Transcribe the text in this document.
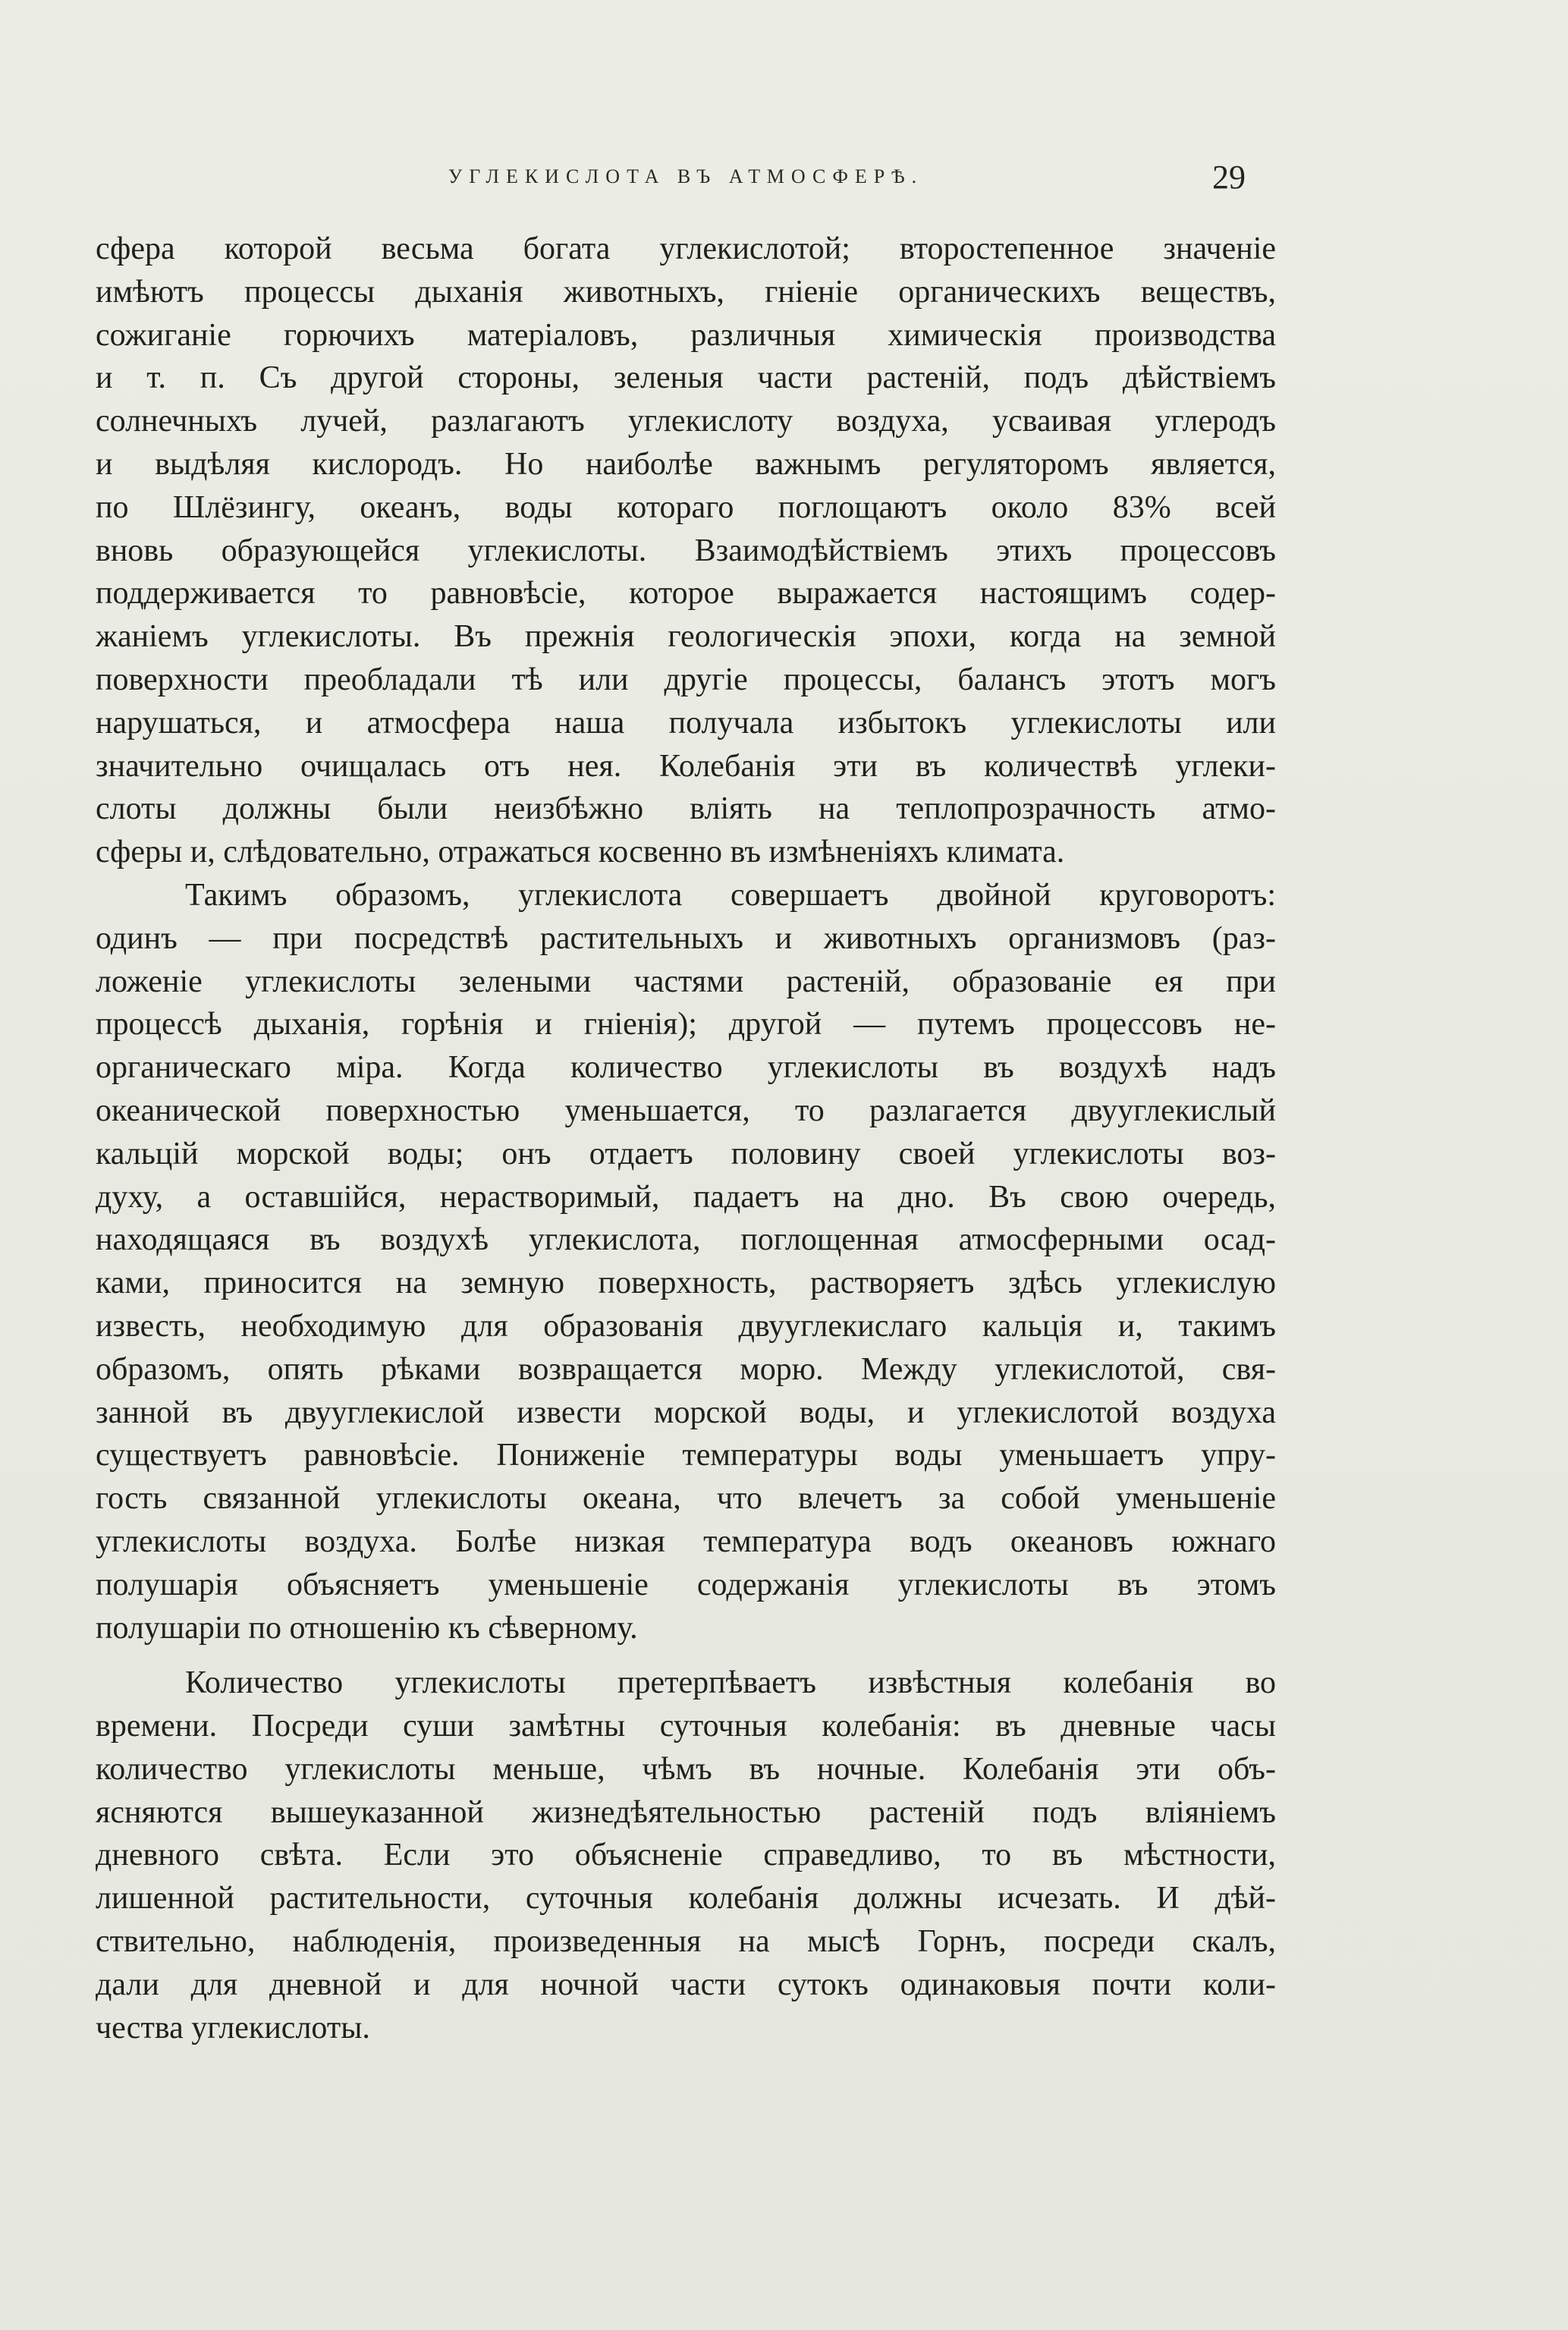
УГЛЕКИСЛОТА ВЪ АТМОСФЕРѢ.	29
сфера которой весьма богата углекислотой; второстепенное значенiе
имѣютъ процессы дыханiя животныхъ, гнiенiе органическихъ веществъ,
сожиганiе горючихъ матерiаловъ, различныя химическiя производства
и т. п. Съ другой стороны, зеленыя части растенiй, подъ дѣйствiемъ
солнечныхъ лучей, разлагаютъ углекислоту воздуха, усваивая углеродъ
и выдѣляя кислородъ. Но наиболѣе важнымъ регуляторомъ является,
по Шлёзингу, океанъ, воды котораго поглощаютъ около 83% всей
вновь образующейся углекислоты. Взаимодѣйствiемъ этихъ процессовъ
поддерживается то равновѣсiе, которое выражается настоящимъ содер-
жанiемъ углекислоты. Въ прежнiя геологическiя эпохи, когда на земной
поверхности преобладали тѣ или другiе процессы, балансъ этотъ могъ
нарушаться, и атмосфера наша получала избытокъ углекислоты или
значительно очищалась отъ нея. Колебанiя эти въ количествѣ углеки-
слоты должны были неизбѣжно влiять на теплопрозрачность атмо-
сферы и, слѣдовательно, отражаться косвенно въ измѣненiяхъ климата.
Такимъ образомъ, углекислота совершаетъ двойной круговоротъ:
одинъ — при посредствѣ растительныхъ и животныхъ организмовъ (раз-
ложенiе углекислоты зелеными частями растенiй, образованiе ея при
процессѣ дыханiя, горѣнiя и гнiенiя); другой — путемъ процессовъ не-
органическаго мiра. Когда количество углекислоты въ воздухѣ надъ
океанической поверхностью уменьшается, то разлагается двууглекислый
кальцiй морской воды; онъ отдаетъ половину своей углекислоты воз-
духу, а оставшiйся, нерастворимый, падаетъ на дно. Въ свою очередь,
находящаяся въ воздухѣ углекислота, поглощенная атмосферными осад-
ками, приносится на земную поверхность, растворяетъ здѣсь углекислую
известь, необходимую для образованiя двууглекислаго кальцiя и, такимъ
образомъ, опять рѣками возвращается морю. Между углекислотой, свя-
занной въ двууглекислой извести морской воды, и углекислотой воздуха
существуетъ равновѣсiе. Пониженiе температуры воды уменьшаетъ упру-
гость связанной углекислоты океана, что влечетъ за собой уменьшенiе
углекислоты воздуха. Болѣе низкая температура водъ океановъ южнаго
полушарiя объясняетъ уменьшенiе содержанiя углекислоты въ этомъ
полушарiи по отношенiю къ сѣверному.
Количество углекислоты претерпѣваетъ извѣстныя колебанiя во
времени. Посреди суши замѣтны суточныя колебанiя: въ дневные часы
количество углекислоты меньше, чѣмъ въ ночные. Колебанiя эти объ-
ясняются вышеуказанной жизнедѣятельностью растенiй подъ влiянiемъ
дневного свѣта. Если это объясненiе справедливо, то въ мѣстности,
лишенной растительности, суточныя колебанiя должны исчезать. И дѣй-
ствительно, наблюденiя, произведенныя на мысѣ Горнъ, посреди скалъ,
дали для дневной и для ночной части сутокъ одинаковыя почти коли-
чества углекислоты.
